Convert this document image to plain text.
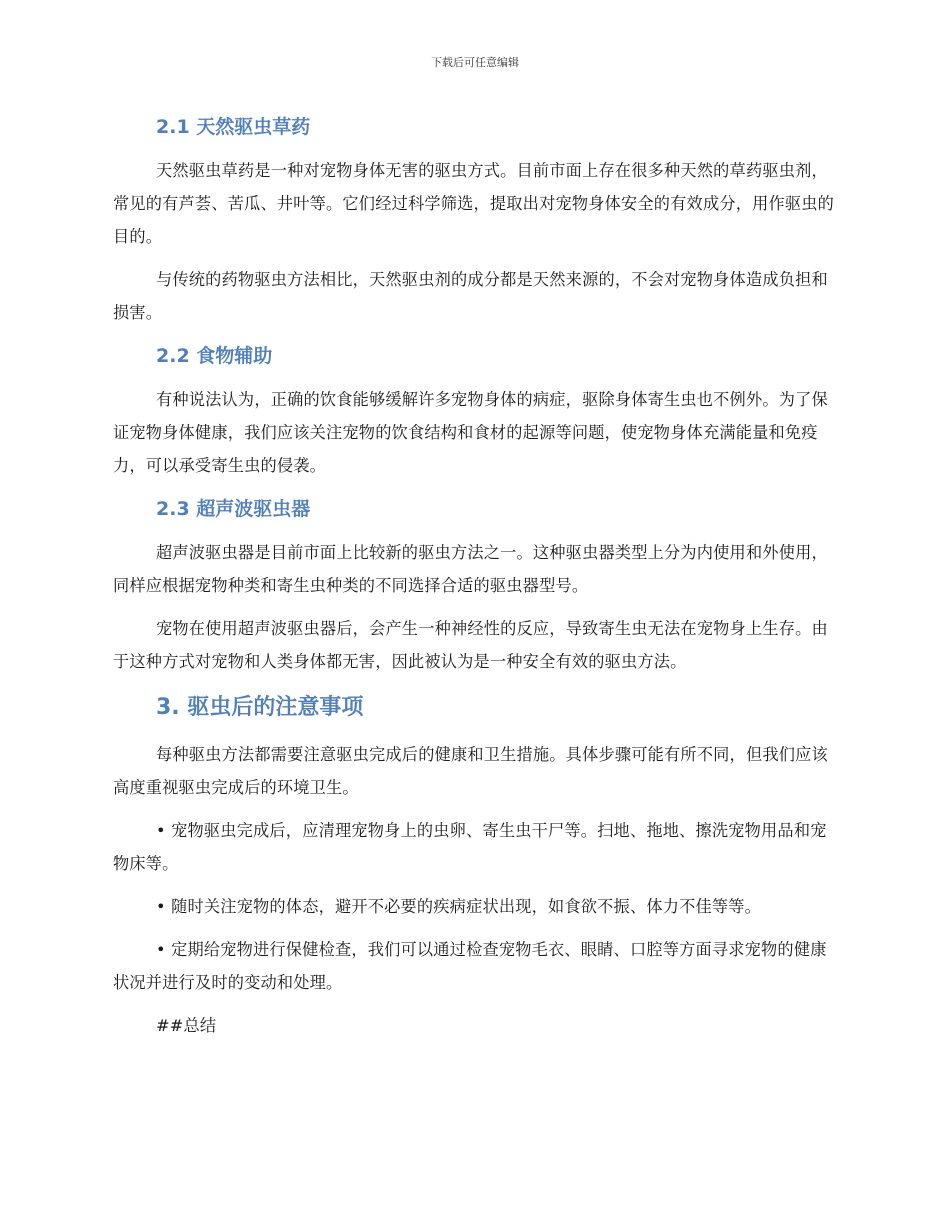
下载后可任意编辑
2.1 天然驱虫草药

天然驱虫草药是一种对宠物身体无害的驱虫方式。目前市面上存在很多种天然的草药驱虫剂，常见的有芦荟、苦瓜、井叶等。它们经过科学筛选，提取出对宠物身体安全的有效成分，用作驱虫的目的。

与传统的药物驱虫方法相比，天然驱虫剂的成分都是天然来源的，不会对宠物身体造成负担和损害。

2.2 食物辅助

有种说法认为，正确的饮食能够缓解许多宠物身体的病症，驱除身体寄生虫也不例外。为了保证宠物身体健康，我们应该关注宠物的饮食结构和食材的起源等问题，使宠物身体充满能量和免疫力，可以承受寄生虫的侵袭。

2.3 超声波驱虫器

超声波驱虫器是目前市面上比较新的驱虫方法之一。这种驱虫器类型上分为内使用和外使用，同样应根据宠物种类和寄生虫种类的不同选择合适的驱虫器型号。

宠物在使用超声波驱虫器后，会产生一种神经性的反应，导致寄生虫无法在宠物身上生存。由于这种方式对宠物和人类身体都无害，因此被认为是一种安全有效的驱虫方法。

3. 驱虫后的注意事项

每种驱虫方法都需要注意驱虫完成后的健康和卫生措施。具体步骤可能有所不同，但我们应该高度重视驱虫完成后的环境卫生。

• 宠物驱虫完成后，应清理宠物身上的虫卵、寄生虫干尸等。扫地、拖地、擦洗宠物用品和宠物床等。

• 随时关注宠物的体态，避开不必要的疾病症状出现，如食欲不振、体力不佳等等。

• 定期给宠物进行保健检查，我们可以通过检查宠物毛衣、眼睛、口腔等方面寻求宠物的健康状况并进行及时的变动和处理。

##总结
